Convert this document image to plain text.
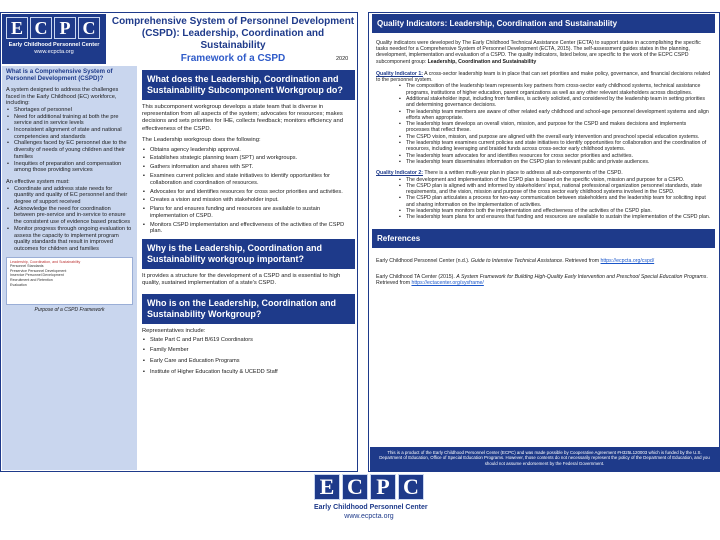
E C P C
Early Childhood Personnel Center
www.ecpcta.org
Comprehensive System of Personnel Development
(CSPD): Leadership, Coordination and Sustainability
Framework of a CSPD	2020
What is a Comprehensive System of Personnel Development (CSPD)?
A system designed to address the challenges faced in the Early Childhood (EC) workforce, including:
• Shortages of personnel
• Need for additional training at both the pre service and in service levels
• Inconsistent alignment of state and national competencies and standards
• Challenges faced by EC personnel due to the diversity of needs of young children and their families
• Inequities of preparation and compensation among those providing services
An effective system must:
• Coordinate and address state needs for quantity and quality of EC personnel and their degree of support received
• Acknowledge the need for coordination between pre-service and in-service to ensure the consistent use of evidence based practices
• Monitor progress through ongoing evaluation to assess the capacity to implement program quality standards that result in improved outcomes for children and families
Leadership, Coordination, and Sustainability
Personnel Standards
Preservice Personnel Development
Inservice Personnel Development
Recruitment and Retention
Evaluation
Purpose of a CSPD Framework
What does the Leadership, Coordination and Sustainability Subcomponent Workgroup do?
This subcomponent workgroup develops a state team that is diverse in representation from all aspects of the system; advocates for resources; makes decisions and sets priorities for IHE, collects feedback; monitors efficiency and effectiveness of the CSPD.
The Leadership workgroup does the following:
▪ Obtains agency leadership approval.
▪ Establishes strategic planning team (SPT) and workgroups.
▪ Gathers information and shares with SPT.
▪ Examines current policies and state initiatives to identify opportunities for collaboration and coordination of resources.
▪ Advocates for and identifies resources for cross sector priorities and activities.
▪ Creates a vision and mission with stakeholder input.
▪ Plans for and ensures funding and resources are available to sustain implementation of CSPD.
▪ Monitors CSPD implementation and effectiveness of the activities of the CSPD plan.
Why is the Leadership, Coordination and Sustainability workgroup important?
It provides a structure for the development of a CSPD and is essential to high quality, sustained implementation of a state's CSPD.
Who is on the Leadership, Coordination and Sustainability Workgroup?
Representatives include:
▪ State Part C and Part B/619 Coordinators
▪ Family Member
▪ Early Care and Education Programs
▪ Institute of Higher Education faculty & UCEDD Staff
Quality Indicators: Leadership, Coordination and Sustainability
Quality indicators were developed by The Early Childhood Technical Assistance Center (ECTA) to support states in accomplishing the specific tasks needed for a Comprehensive System of Personnel Development (ECTA, 2015). The self-assessment guides states in the planning, development, implementation and evaluation of a CSPD. The quality indicators, listed below, are specific to the work of the ECPC CSPD subcomponent group: Leadership, Coordination and Sustainability
Quality Indicator 1: A cross-sector leadership team is in place that can set priorities and make policy, governance, and financial decisions related to the personnel system.
▪ The composition of the leadership team represents key partners from cross-sector early childhood systems, technical assistance programs, institutions of higher education, parent organizations as well as any other relevant stakeholders across disciplines.
▪ Additional stakeholder input, including from families, is actively solicited, and considered by the leadership team in setting priorities and determining governance decisions.
▪ The leadership team members are aware of other related early childhood and school-age personnel development systems and align efforts when appropriate.
▪ The leadership team develops an overall vision, mission, and purpose for the CSPD and makes decisions and implements processes that reflect these.
▪ The CSPD vision, mission, and purpose are aligned with the overall early intervention and preschool special education systems.
▪ The leadership team examines current policies and state initiatives to identify opportunities for collaboration and the coordination of resources, including leveraging and braided funds across cross-sector early childhood systems.
▪ The leadership team advocates for and identifies resources for cross sector priorities and activities.
▪ The leadership team disseminates information on the CSPD plan to relevant public and private audiences.
Quality Indicator 2: There is a written multi-year plan in place to address all sub-components of the CSPD.
▪ The development and implementation of the CSPD plan is based on the specific vision, mission and purpose for a CSPD.
▪ The CSPD plan is aligned with and informed by stakeholders' input, national professional organization personnel standards, state requirements, and the vision, mission and purpose of the cross sector early childhood systems involved in the CSPD.
▪ The CSPD plan articulates a process for two-way communication between stakeholders and the leadership team for soliciting input and sharing information on the implementation of activities.
▪ The leadership team monitors both the implementation and effectiveness of the activities of the CSPD plan.
▪ The leadership team plans for and ensures that funding and resources are available to sustain the implementation of the CSPD plan.
References
Early Childhood Personnel Center (n.d.). Guide to Intensive Technical Assistance. Retrieved from https://ecpcta.org/cspd/
Early Childhood TA Center (2015). A System Framework for Building High-Quality Early Intervention and Preschool Special Education Programs. Retrieved from https://ectacenter.org/sysframe/
This is a product of the Early Childhood Personnel Center (ECPC) and was made possible by Cooperative Agreement #H325L120003 which is funded by the U.S. Department of Education, Office of Special Education Programs. However, those contents do not necessarily represent the policy of the Department of Education, and you should not assume endorsement by the Federal Government.
E C P C
Early Childhood Personnel Center
www.ecpcta.org
